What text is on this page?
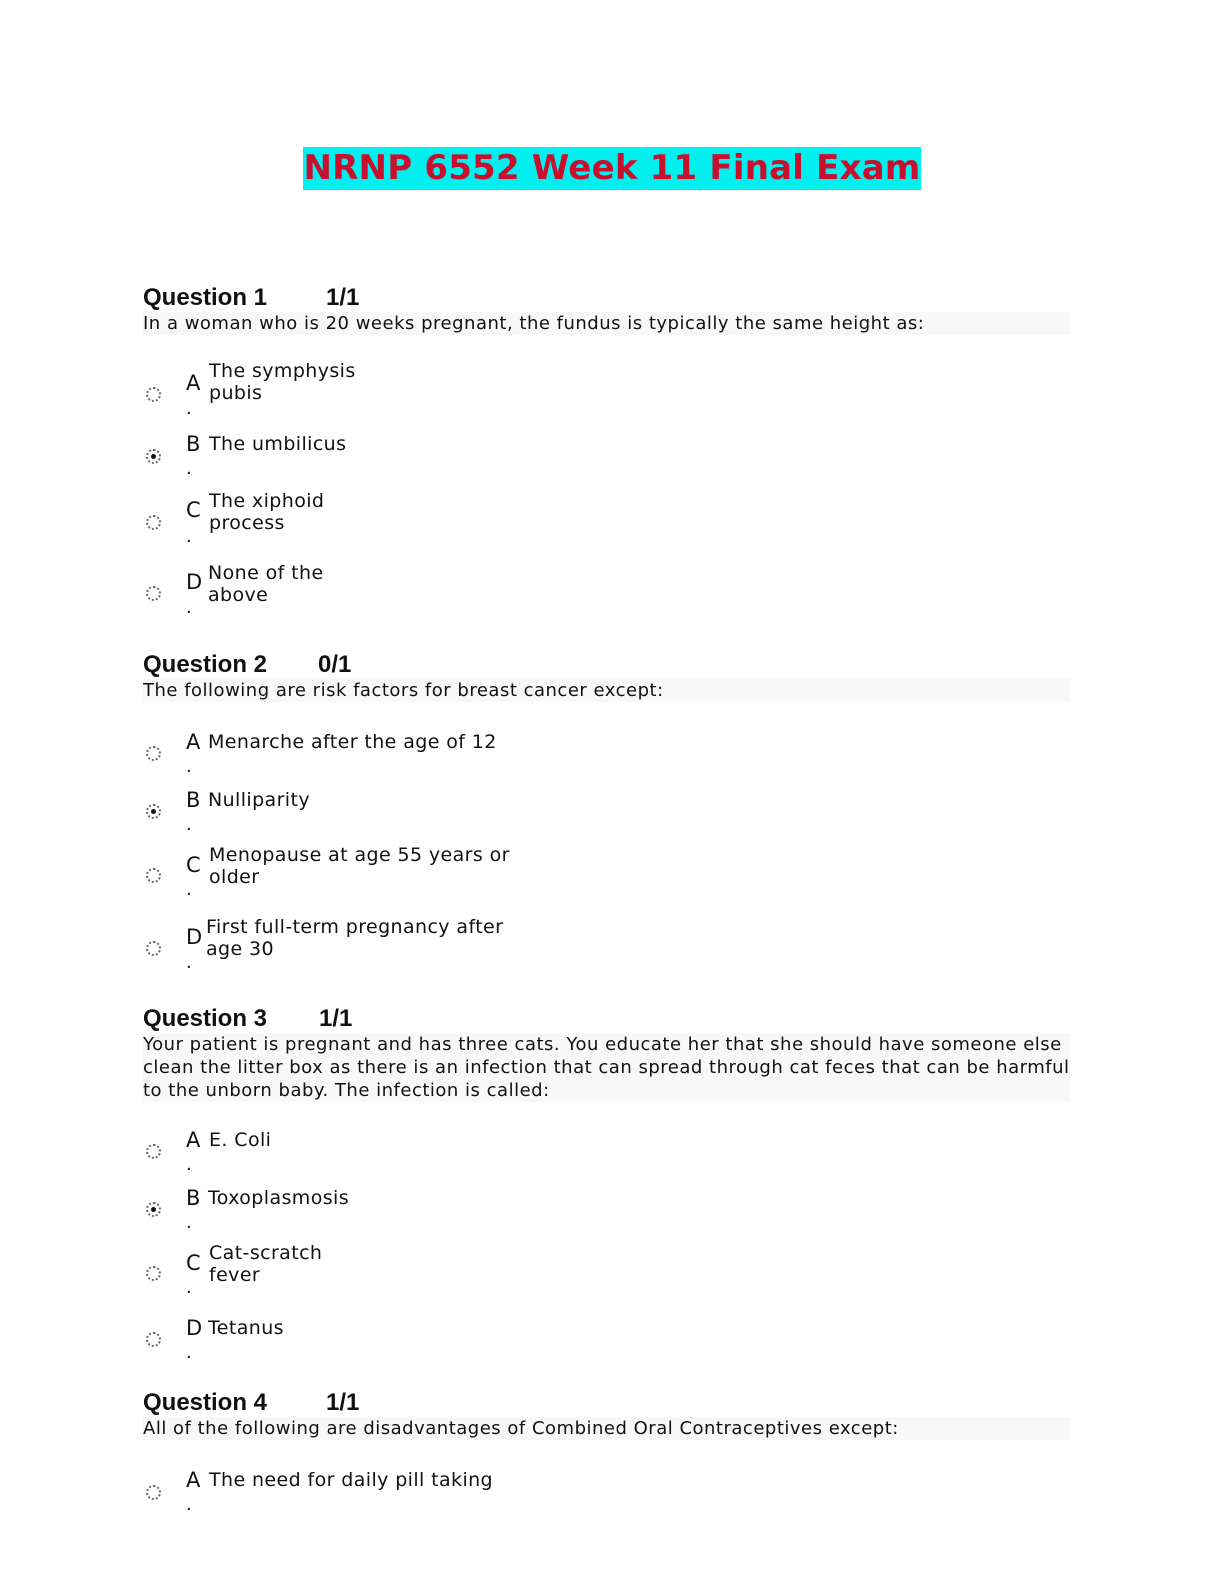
NRNP 6552 Week 11 Final Exam
Question 1 1/1
In a woman who is 20 weeks pregnant, the fundus is typically the same height as:
A
.
The symphysis
pubis
B
.
The umbilicus
C
.
The xiphoid
process
D
.
None of the
above
Question 2 0/1
The following are risk factors for breast cancer except:
A
.
Menarche after the age of 12
B
.
Nulliparity
C
.
Menopause at age 55 years or
older
D
.
First full-term pregnancy after
age 30
Question 3 1/1
Your patient is pregnant and has three cats. You educate her that she should have someone else clean the litter box as there is an infection that can spread through cat feces that can be harmful to the unborn baby. The infection is called:
A
.
E. Coli
B
.
Toxoplasmosis
C
.
Cat-scratch
fever
D
.
Tetanus
Question 4 1/1
All of the following are disadvantages of Combined Oral Contraceptives except:
A
.
The need for daily pill taking
